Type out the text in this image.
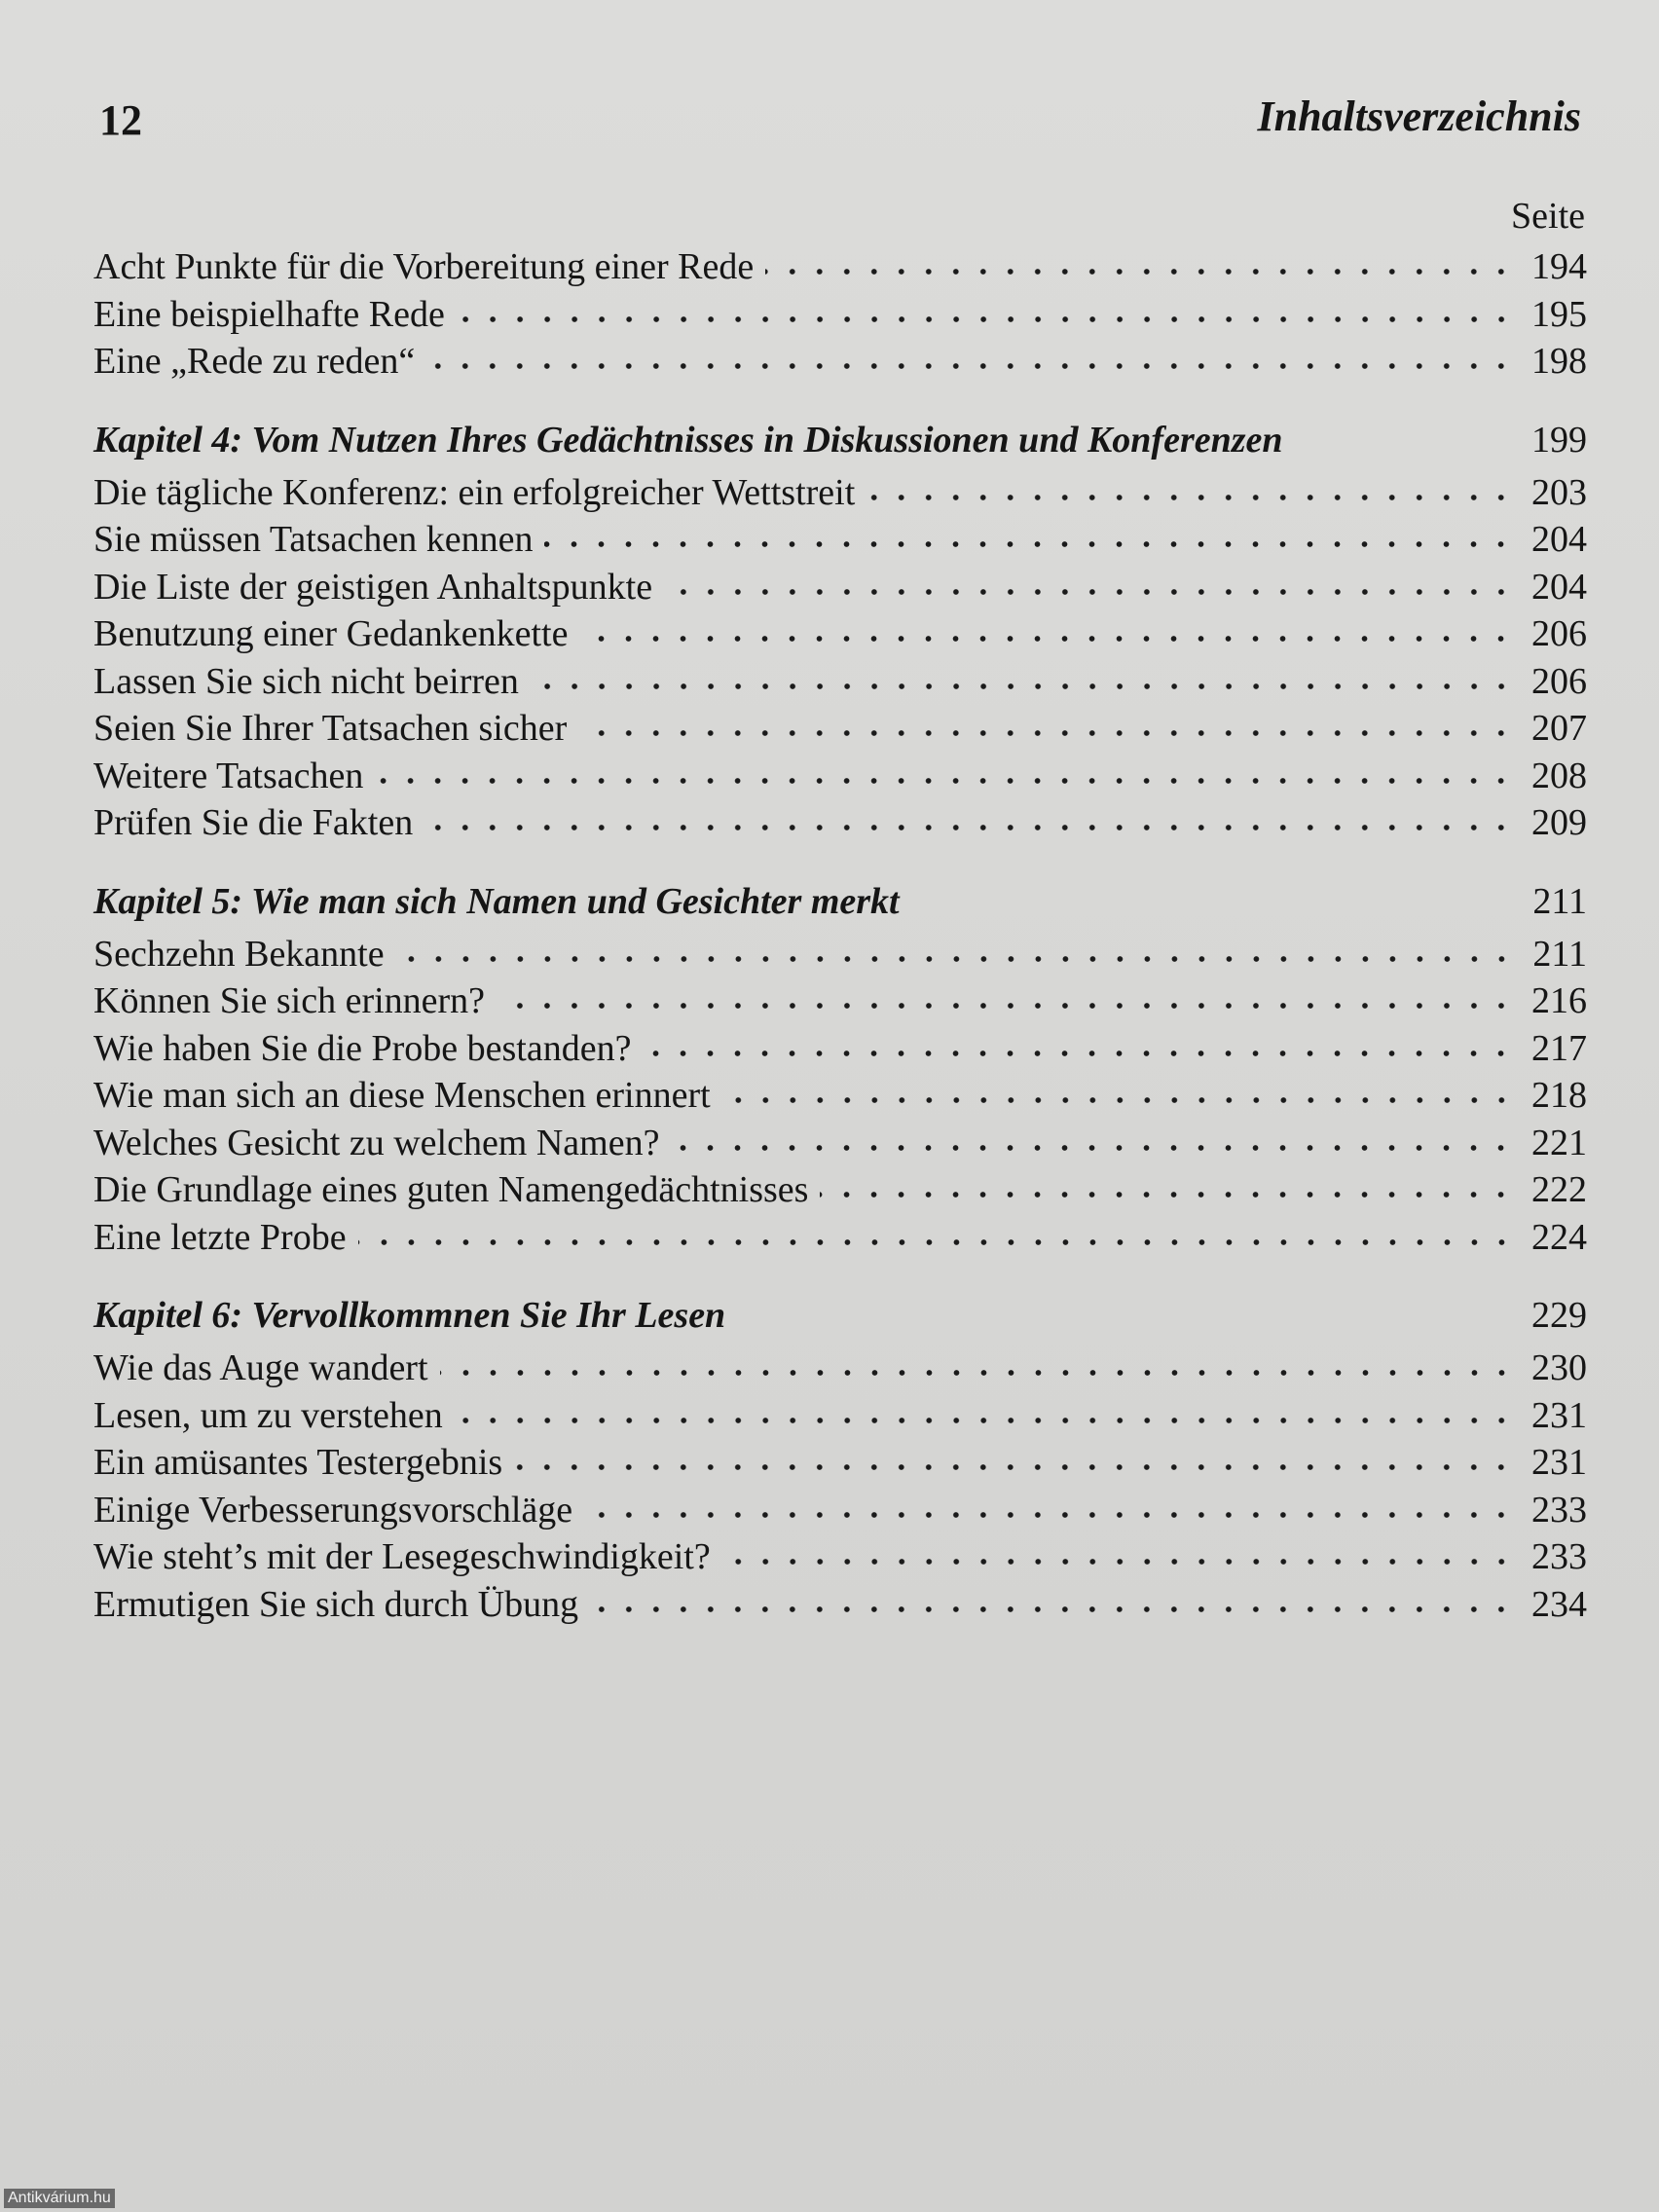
12	Inhaltsverzeichnis
Seite
Acht Punkte für die Vorbereitung einer Rede	194
Eine beispielhafte Rede	195
Eine „Rede zu reden“	198
Kapitel 4: Vom Nutzen Ihres Gedächtnisses in Diskussionen und Konferenzen	199
Die tägliche Konferenz: ein erfolgreicher Wettstreit	203
Sie müssen Tatsachen kennen	204
Die Liste der geistigen Anhaltspunkte	204
Benutzung einer Gedankenkette	206
Lassen Sie sich nicht beirren	206
Seien Sie Ihrer Tatsachen sicher	207
Weitere Tatsachen	208
Prüfen Sie die Fakten	209
Kapitel 5: Wie man sich Namen und Gesichter merkt	211
Sechzehn Bekannte	211
Können Sie sich erinnern?	216
Wie haben Sie die Probe bestanden?	217
Wie man sich an diese Menschen erinnert	218
Welches Gesicht zu welchem Namen?	221
Die Grundlage eines guten Namengedächtnisses	222
Eine letzte Probe	224
Kapitel 6: Vervollkommnen Sie Ihr Lesen	229
Wie das Auge wandert	230
Lesen, um zu verstehen	231
Ein amüsantes Testergebnis	231
Einige Verbesserungsvorschläge	233
Wie steht’s mit der Lesegeschwindigkeit?	233
Ermutigen Sie sich durch Übung	234
Antikvárium.hu
